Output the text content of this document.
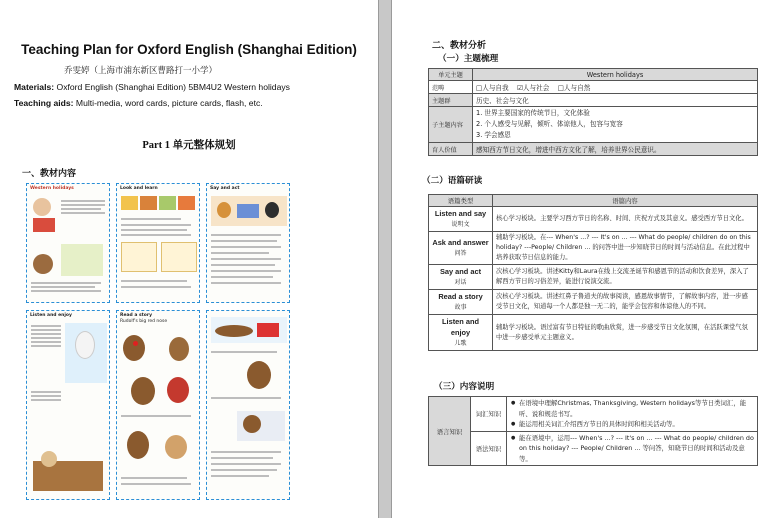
Teaching Plan for Oxford English (Shanghai Edition)
乔雯婷（上海市浦东新区曹路打一小学）
Materials: Oxford English (Shanghai Edition) 5BM4U2 Western holidays
Teaching aids: Multi-media, word cards, picture cards, flash, etc.
Part 1 单元整体规划
一、教材内容
Western holidays	Look and learn	Say and act
Listen and enjoy	Read a story
Rudolf's big red nose
二、教材分析
（一）主题梳理
单元主题	Western holidays
范畴	□人与自我 ☑人与社会 □人与自然
主题群	历史、社会与文化
子主题内容	1. 世界主要国家的传统节日，文化体验
2. 个人感受与见解，倾听、体谅他人，包容与宽容
3. 学会感恩

育人价值	感知西方节日文化，增进中西方文化了解，培养世界公民意识。
（二）语篇研读
语篇类型	语篇内容
Listen and say
说明文	核心学习板块。主要学习西方节日的名称、时间、庆祝方式及其意义。感受西方节日文化。
Ask and answer
问答	辅助学习板块。在--- When's ...? --- It's on ... --- What do people/ children do on this holiday? ---People/ Children ... 的问答中进一步知晓节日的时间与活动信息。在此过程中培养获取节日信息的能力。
Say and act
对话	次核心学习板块。讲述Kitty和Laura在线上交流圣诞节和感恩节的活动和饮食差异，深入了解西方节日的习俗差异，能进行说演交流。
Read a story
故事	次核心学习板块。讲述红鼻子鲁道夫的故事阅读，感恩故事情节，了解故事内容，进一步感受节日文化，知道每一个人都是独一无二的，能学会包容和体谅他人的不同。
Listen and enjoy
儿歌	辅助学习板块。语过富有节日特征的歌曲欣赏，进一步感受节日文化氛围，在活跃课堂气氛中进一步感受单元主题意义。
（三）内容说明
语言知识	词汇知识	● 在语境中理解Christmas, Thanksgiving, Western holidays等节日类词汇，能听、说和规范书写。
● 能运用相关词汇介绍西方节日的具体时间和相关活动等。

	语法知识	● 能在语境中，运用--- When's ...? --- It's on ... --- What do people/ children do on this holiday? --- People/ Children ... 等问答，知晓节日的时间和活动及意等。
